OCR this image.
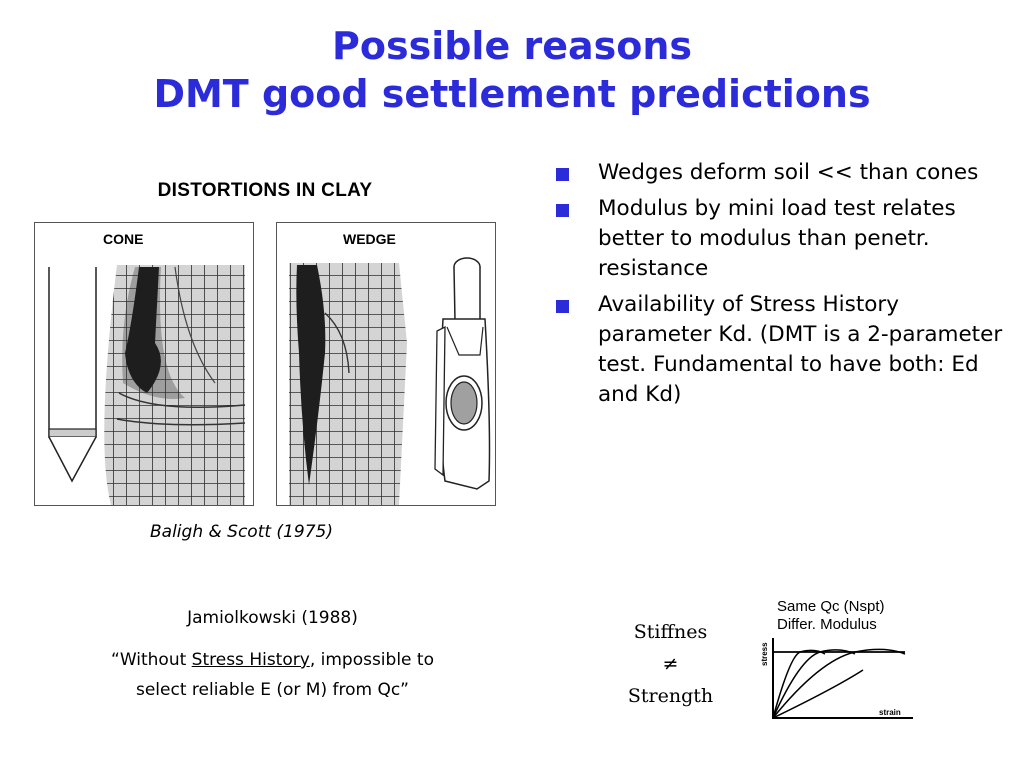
Possible reasons
DMT good settlement predictions
DISTORTIONS IN CLAY
CONE	WEDGE
Baligh & Scott (1975)
Jamiolkowski (1988)
“Without Stress History, impossible to
select reliable E (or M) from Qc”
Wedges deform soil << than cones
Modulus by mini load test relates better to modulus than penetr. resistance
Availability of Stress History parameter Kd. (DMT is a 2-parameter test. Fundamental to have both: Ed and Kd)
Stiffnes
≠
Strength
Same Qc (Nspt)
Differ. Modulus
stress
strain
